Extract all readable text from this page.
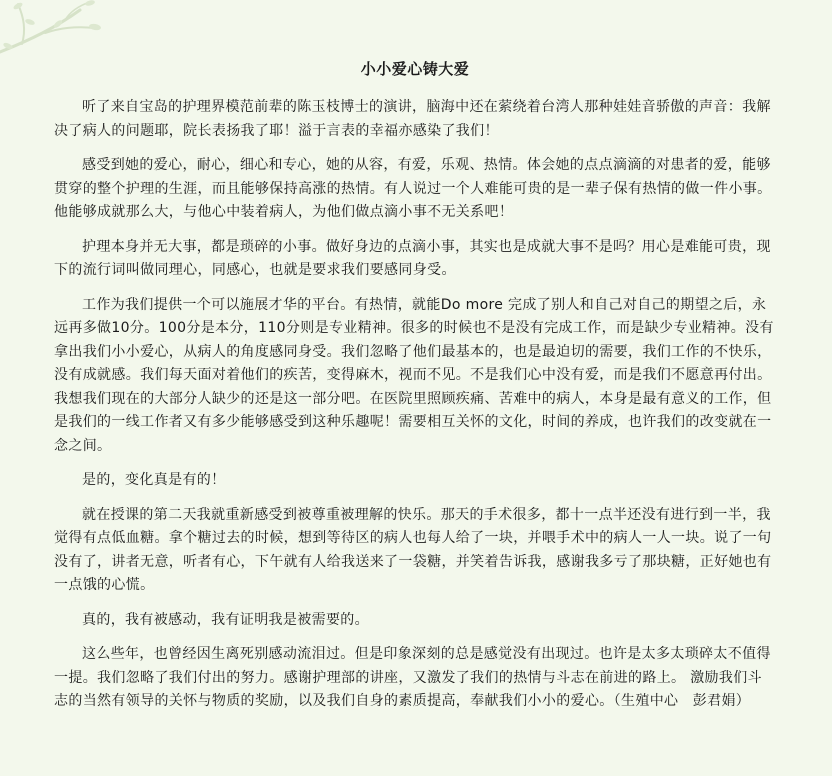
小小爱心铸大爱

听了来自宝岛的护理界模范前辈的陈玉枝博士的演讲，脑海中还在萦绕着台湾人那种娃娃音骄傲的声音：我解决了病人的问题耶，院长表扬我了耶！溢于言表的幸福亦感染了我们！

感受到她的爱心，耐心，细心和专心，她的从容，有爱，乐观、热情。体会她的点点滴滴的对患者的爱，能够贯穿的整个护理的生涯，而且能够保持高涨的热情。有人说过一个人难能可贵的是一辈子保有热情的做一件小事。他能够成就那么大，与他心中装着病人，为他们做点滴小事不无关系吧！

护理本身并无大事，都是琐碎的小事。做好身边的点滴小事，其实也是成就大事不是吗？用心是难能可贵，现下的流行词叫做同理心，同感心，也就是要求我们要感同身受。

工作为我们提供一个可以施展才华的平台。有热情，就能Do more 完成了别人和自己对自己的期望之后，永远再多做10分。100分是本分，110分则是专业精神。很多的时候也不是没有完成工作，而是缺少专业精神。没有拿出我们小小爱心，从病人的角度感同身受。我们忽略了他们最基本的，也是最迫切的需要，我们工作的不快乐，没有成就感。我们每天面对着他们的疾苦，变得麻木，视而不见。不是我们心中没有爱，而是我们不愿意再付出。我想我们现在的大部分人缺少的还是这一部分吧。在医院里照顾疾痛、苦难中的病人，本身是最有意义的工作，但是我们的一线工作者又有多少能够感受到这种乐趣呢！需要相互关怀的文化，时间的养成，也许我们的改变就在一念之间。

是的，变化真是有的！

就在授课的第二天我就重新感受到被尊重被理解的快乐。那天的手术很多，都十一点半还没有进行到一半，我觉得有点低血糖。拿个糖过去的时候，想到等待区的病人也每人给了一块，并喂手术中的病人一人一块。说了一句没有了，讲者无意，听者有心，下午就有人给我送来了一袋糖，并笑着告诉我，感谢我多亏了那块糖，正好她也有一点饿的心慌。

真的，我有被感动，我有证明我是被需要的。

这么些年，也曾经因生离死别感动流泪过。但是印象深刻的总是感觉没有出现过。也许是太多太琐碎太不值得一提。我们忽略了我们付出的努力。感谢护理部的讲座，又激发了我们的热情与斗志在前进的路上。 激励我们斗志的当然有领导的关怀与物质的奖励，以及我们自身的素质提高，奉献我们小小的爱心。（生殖中心　彭君娟）
